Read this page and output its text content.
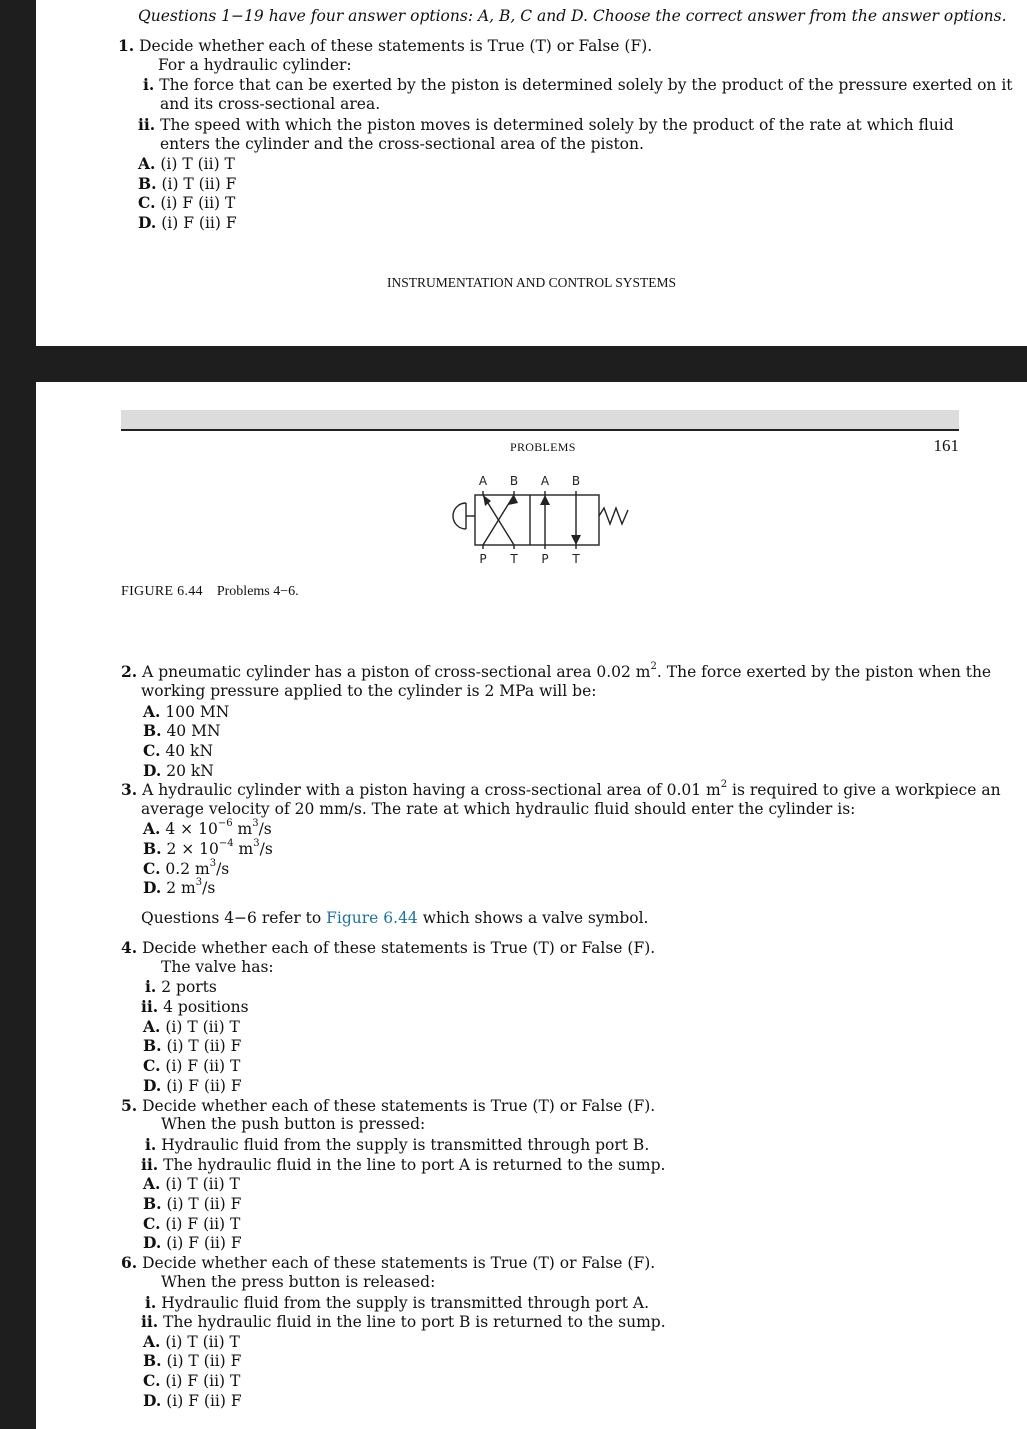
Questions 1−19 have four answer options: A, B, C and D. Choose the correct answer from the answer options.
1. Decide whether each of these statements is True (T) or False (F).
For a hydraulic cylinder:
i. The force that can be exerted by the piston is determined solely by the product of the pressure exerted on it
and its cross-sectional area.
ii. The speed with which the piston moves is determined solely by the product of the rate at which fluid
enters the cylinder and the cross-sectional area of the piston.
A. (i) T (ii) T
B. (i) T (ii) F
C. (i) F (ii) T
D. (i) F (ii) F
INSTRUMENTATION AND CONTROL SYSTEMS
PROBLEMS	161
A B A B
P T P T
FIGURE 6.44 Problems 4−6.
2. A pneumatic cylinder has a piston of cross-sectional area 0.02 $m^2$. The force exerted by the piston when the
working pressure applied to the cylinder is 2 MPa will be:
A. 100 MN
B. 40 MN
C. 40 kN
D. 20 kN
3. A hydraulic cylinder with a piston having a cross-sectional area of 0.01 $m^2$ is required to give a workpiece an
average velocity of 20 mm/s. The rate at which hydraulic fluid should enter the cylinder is:
A. $4 \times 10^{-6}$ $m^3/s$
B. $2 \times 10^{-4}$ $m^3/s$
C. 0.2 $m^3/s$
D. 2 $m^3/s$
Questions 4−6 refer to Figure 6.44 which shows a valve symbol.
4. Decide whether each of these statements is True (T) or False (F).
The valve has:
i. 2 ports
ii. 4 positions
A. (i) T (ii) T
B. (i) T (ii) F
C. (i) F (ii) T
D. (i) F (ii) F
5. Decide whether each of these statements is True (T) or False (F).
When the push button is pressed:
i. Hydraulic fluid from the supply is transmitted through port B.
ii. The hydraulic fluid in the line to port A is returned to the sump.
A. (i) T (ii) T
B. (i) T (ii) F
C. (i) F (ii) T
D. (i) F (ii) F
6. Decide whether each of these statements is True (T) or False (F).
When the press button is released:
i. Hydraulic fluid from the supply is transmitted through port A.
ii. The hydraulic fluid in the line to port B is returned to the sump.
A. (i) T (ii) T
B. (i) T (ii) F
C. (i) F (ii) T
D. (i) F (ii) F
